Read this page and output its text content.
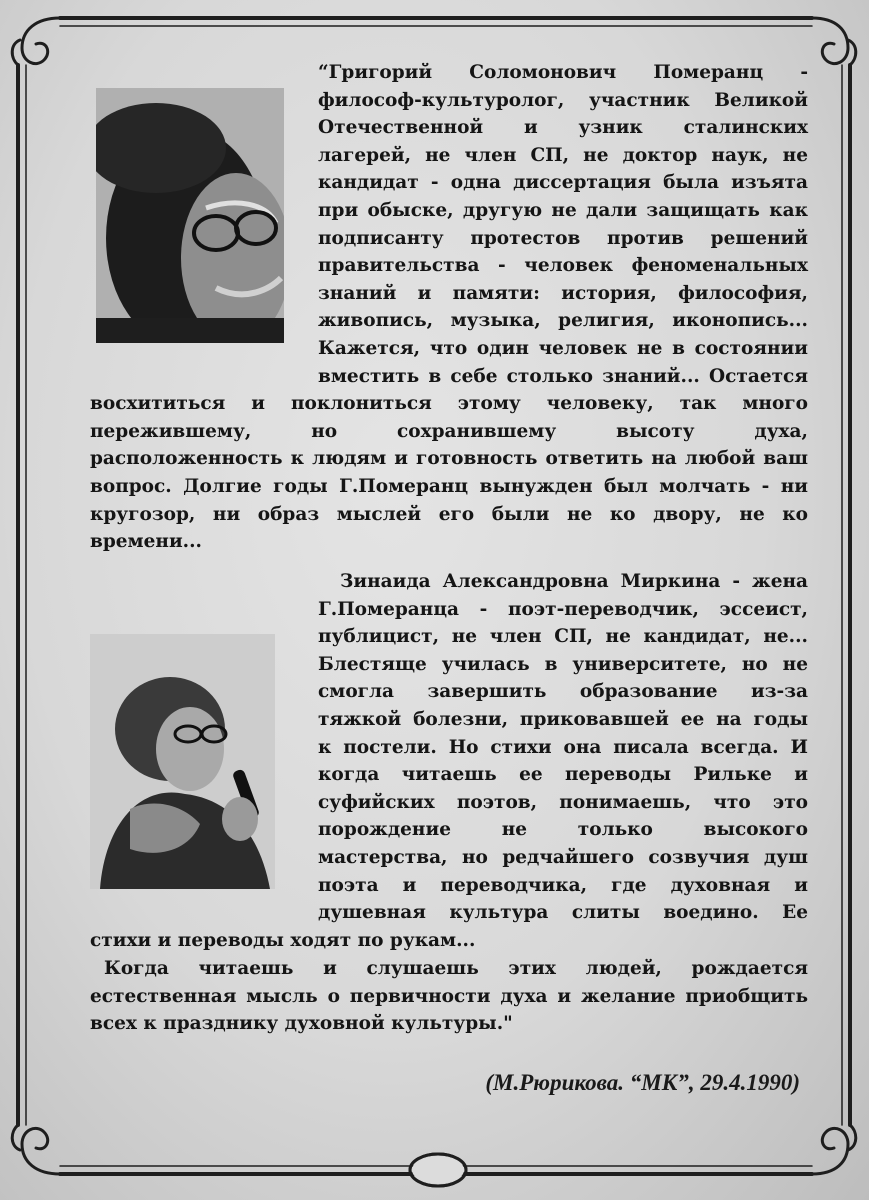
“Григорий Соломонович Померанц -

философ-культуролог, участник Великой

Отечественной и узник сталинских

лагерей, не член СП, не доктор наук, не

кандидат - одна диссертация была изъята

при обыске, другую не дали защищать как

подписанту протестов против решений

правительства - человек феноменальных

знаний и памяти: история, философия,

живопись, музыка, религия, иконопись...

Кажется, что один человек не в состоянии

вместить в себе столько знаний... Остается

восхититься и поклониться этому человеку, так много

пережившему, но сохранившему высоту духа,

расположенность к людям и готовность ответить на любой ваш

вопрос. Долгие годы Г.Померанц вынужден был молчать - ни

кругозор, ни образ мыслей его были не ко двору, не ко

времени...

Зинаида Александровна Миркина - жена

Г.Померанца - поэт-переводчик, эссеист,

публицист, не член СП, не кандидат, не...

Блестяще училась в университете, но не

смогла завершить образование из-за

тяжкой болезни, приковавшей ее на годы

к постели. Но стихи она писала всегда. И

когда читаешь ее переводы Рильке и

суфийских поэтов, понимаешь, что это

порождение не только высокого

мастерства, но редчайшего созвучия душ

поэта и переводчика, где духовная и

душевная культура слиты воедино. Ее

стихи и переводы ходят по рукам...

Когда читаешь и слушаешь этих людей, рождается

естественная мысль о первичности духа и желание приобщить

всех к празднику духовной культуры."

(М.Рюрикова. “МК”, 29.4.1990)
